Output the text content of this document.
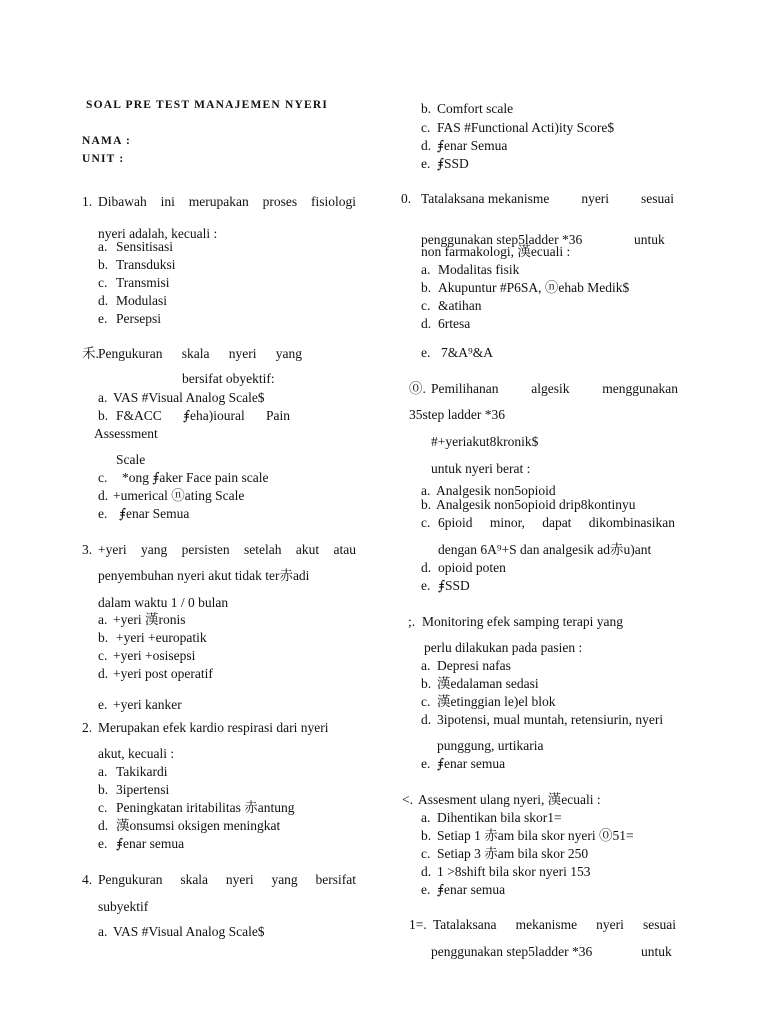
SOAL PRE TEST MANAJEMEN NYERI
NAMA :
UNIT :
1. Dibawah ini merupakan proses fisiologi
nyeri adalah, kecuali :
a. Sensitisasi
b. Transduksi
c. Transmisi
d. Modulasi
e. Persepsi
⽲. Pengukuran skala nyeri yang
bersifat obyektif:
a. VAS #Visual Analog Scale$
b. F&ACC ⨎eha)ioural Pain
Assessment
Scale
c. *ong ⨎aker Face pain scale
d. +umerical ⓝating Scale
e. ⨎enar Semua
3. +yeri yang persisten setelah akut atau
penyembuhan nyeri akut tidak ter⾚adi
dalam waktu 1 / 0 bulan
a. +yeri 漢ronis
b. +yeri +europatik
c. +yeri +osisepsi
d. +yeri post operatif
e. +yeri kanker
2. Merupakan efek kardio respirasi dari nyeri
akut, kecuali :
a. Takikardi
b. 3ipertensi
c. Peningkatan iritabilitas ⾚antung
d. 漢onsumsi oksigen meningkat
e. ⨎enar semua
4. Pengukuran skala nyeri yang bersifat
subyektif
a. VAS #Visual Analog Scale$
b. Comfort scale
c. FAS #Functional Acti)ity Score$
d. ⨎enar Semua
e. ⨎SSD
0. Tatalaksana mekanisme nyeri sesuai
penggunakan step5ladder *36	untuk
non farmakologi, 漢ecuali :
a. Modalitas fisik
b. Akupuntur #P6SA, ⓝehab Medik$
c. &atihan
d. 6rtesa
e. 7&A⁹&A
⓪. Pemilihanan algesik menggunakan
35step ladder *36
#+yeriakut8kronik$
untuk nyeri berat :
a. Analgesik non5opioid
b. Analgesik non5opioid drip8kontinyu
c. 6pioid minor, dapat dikombinasikan
dengan 6A⁹+S dan analgesik ad⾚u)ant
d. opioid poten
e. ⨎SSD
;. Monitoring efek samping terapi yang
perlu dilakukan pada pasien :
a. Depresi nafas
b. 漢edalaman sedasi
c. 漢etinggian le)el blok
d. 3ipotensi, mual muntah, retensiurin, nyeri
punggung, urtikaria
e. ⨎enar semua
<. Assesment ulang nyeri, 漢ecuali :
a. Dihentikan bila skor1=
b. Setiap 1 ⾚am bila skor nyeri ⓪51=
c. Setiap 3 ⾚am bila skor 250
d. 1 >8shift bila skor nyeri 153
e. ⨎enar semua
1=. Tatalaksana mekanisme nyeri sesuai
penggunakan step5ladder *36	untuk
